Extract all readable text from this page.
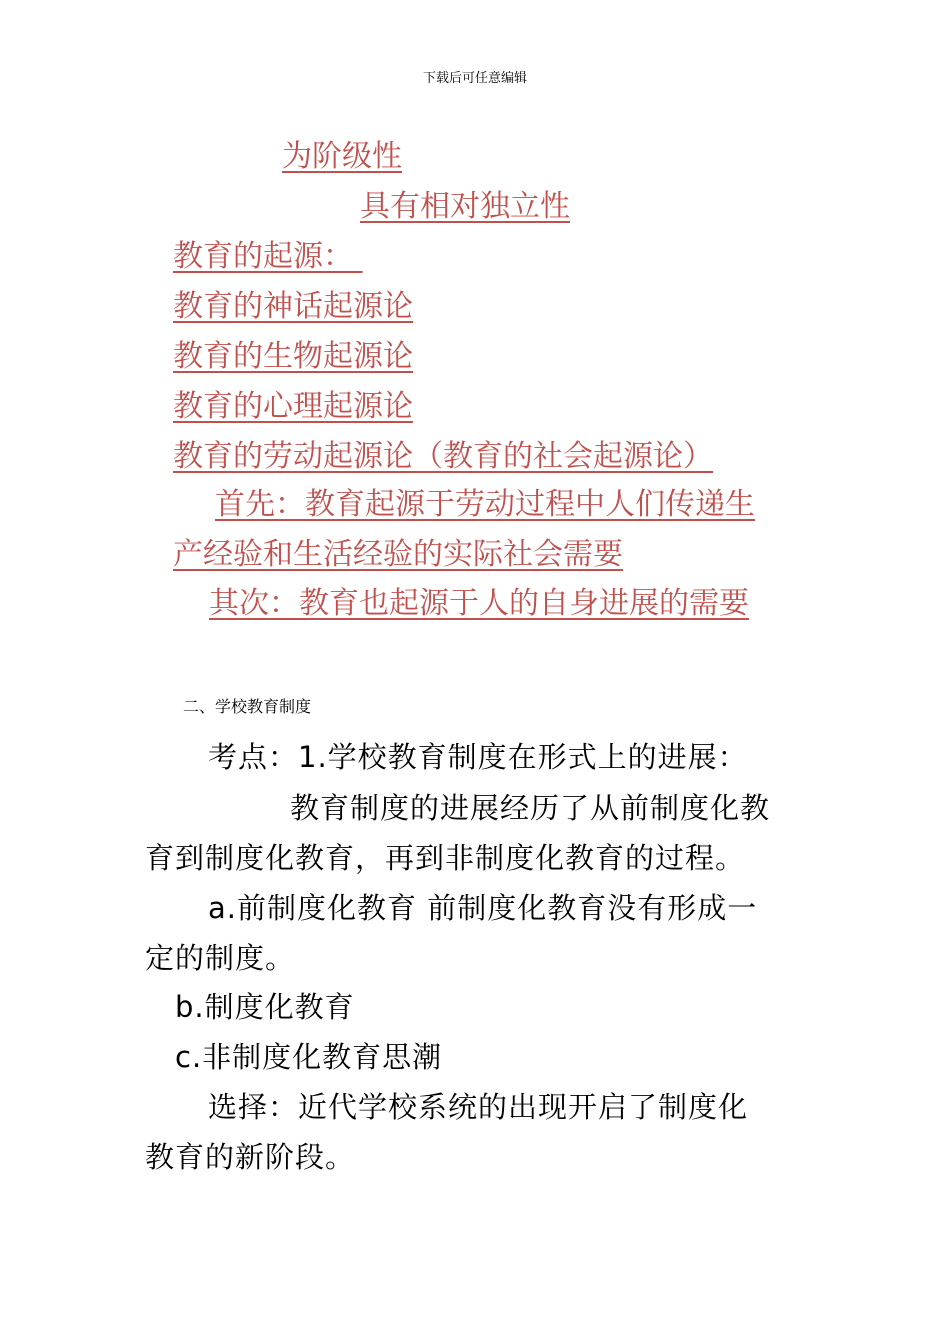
下载后可任意编辑
为阶级性
具有相对独立性
教育的起源：
教育的神话起源论
教育的生物起源论
教育的心理起源论
教育的劳动起源论（教育的社会起源论）
首先：教育起源于劳动过程中人们传递生
产经验和生活经验的实际社会需要
其次：教育也起源于人的自身进展的需要
二、学校教育制度
考点：1.学校教育制度在形式上的进展：
教育制度的进展经历了从前制度化教
育到制度化教育，再到非制度化教育的过程。
a.前制度化教育 前制度化教育没有形成一
定的制度。
b.制度化教育
c.非制度化教育思潮
选择：近代学校系统的出现开启了制度化
教育的新阶段。
